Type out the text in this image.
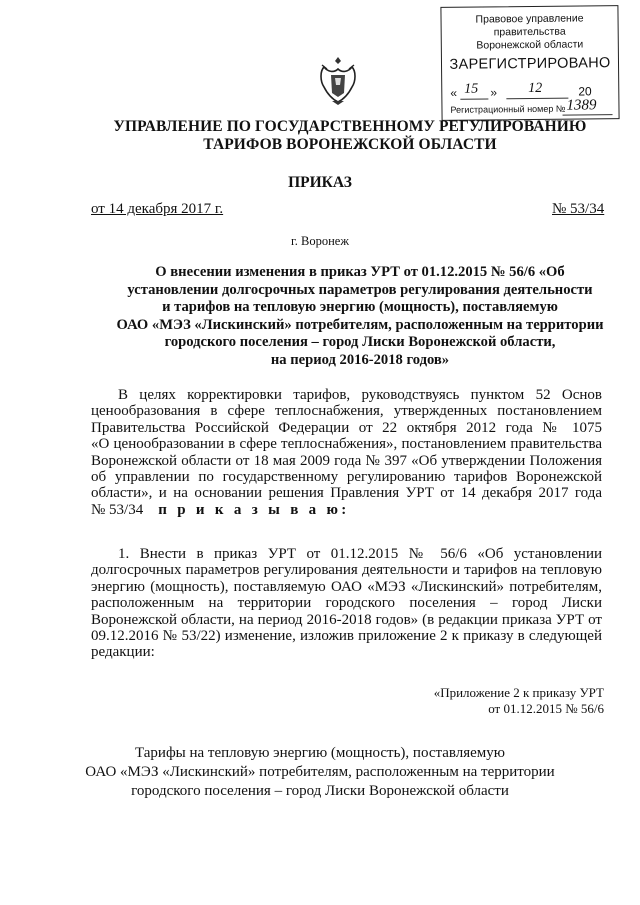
Правовое управление правительства
Воронежской области
ЗАРЕГИСТРИРОВАНО
« 15 » 12	20
Регистрационный номер № 1389
УПРАВЛЕНИЕ ПО ГОСУДАРСТВЕННОМУ РЕГУЛИРОВАНИЮ
ТАРИФОВ ВОРОНЕЖСКОЙ ОБЛАСТИ
ПРИКАЗ
от 14 декабря 2017 г.	№ 53/34
г. Воронеж
О внесении изменения в приказ УРТ от 01.12.2015 № 56/6 «Об
установлении долгосрочных параметров регулирования деятельности
и тарифов на тепловую энергию (мощность), поставляемую
ОАО «МЭЗ «Лискинский» потребителям, расположенным на территории
городского поселения – город Лиски Воронежской области,
на период 2016-2018 годов»
В целях корректировки тарифов, руководствуясь пунктом 52 Основ
ценообразования в сфере теплоснабжения, утвержденных постановлением
Правительства Российской Федерации от 22 октября 2012 года № 1075
«О ценообразовании в сфере теплоснабжения», постановлением правительства
Воронежской области от 18 мая 2009 года № 397 «Об утверждении Положения
об управлении по государственному регулированию тарифов Воронежской
области», и на основании решения Правления УРТ от 14 декабря 2017 года
№ 53/34 п р и к а з ы в а ю:
1. Внести в приказ УРТ от 01.12.2015 № 56/6 «Об установлении
долгосрочных параметров регулирования деятельности и тарифов на тепловую
энергию (мощность), поставляемую ОАО «МЭЗ «Лискинский» потребителям,
расположенным на территории городского поселения – город Лиски
Воронежской области, на период 2016-2018 годов» (в редакции приказа УРТ от
09.12.2016 № 53/22) изменение, изложив приложение 2 к приказу в следующей
редакции:
«Приложение 2 к приказу УРТ
от 01.12.2015 № 56/6
Тарифы на тепловую энергию (мощность), поставляемую
ОАО «МЭЗ «Лискинский» потребителям, расположенным на территории
городского поселения – город Лиски Воронежской области
